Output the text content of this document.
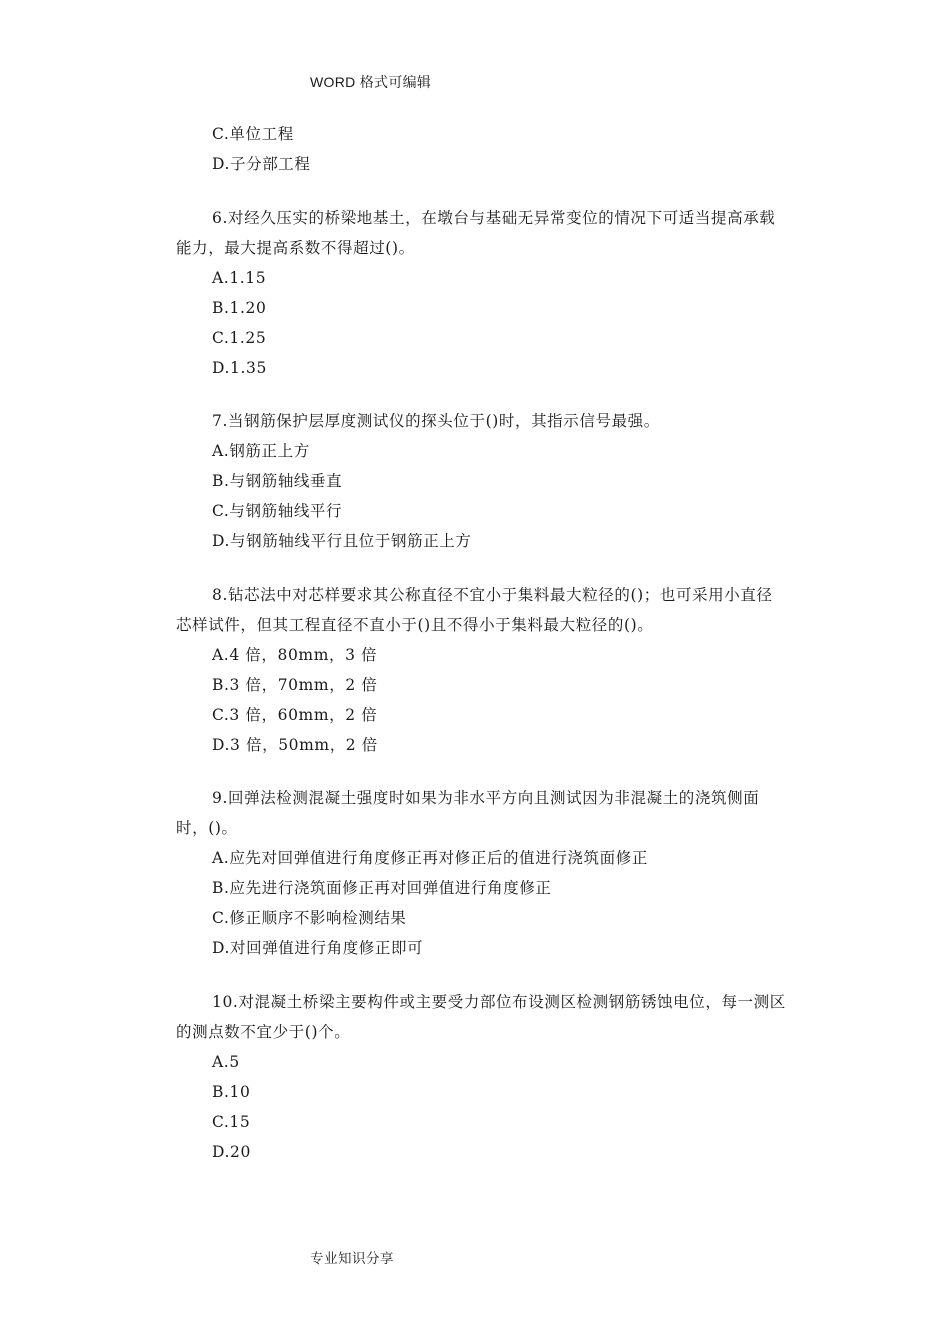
WORD 格式可编辑
C.单位工程
D.子分部工程
6.对经久压实的桥梁地基土，在墩台与基础无异常变位的情况下可适当提高承载
能力，最大提高系数不得超过()。
A.1.15
B.1.20
C.1.25
D.1.35
7.当钢筋保护层厚度测试仪的探头位于()时，其指示信号最强。
A.钢筋正上方
B.与钢筋轴线垂直
C.与钢筋轴线平行
D.与钢筋轴线平行且位于钢筋正上方
8.钻芯法中对芯样要求其公称直径不宜小于集料最大粒径的()；也可采用小直径
芯样试件，但其工程直径不直小于()且不得小于集料最大粒径的()。
A.4 倍，80mm，3 倍
B.3 倍，70mm，2 倍
C.3 倍，60mm，2 倍
D.3 倍，50mm，2 倍
9.回弹法检测混凝土强度时如果为非水平方向且测试因为非混凝土的浇筑侧面
时，()。
A.应先对回弹值进行角度修正再对修正后的值进行浇筑面修正
B.应先进行浇筑面修正再对回弹值进行角度修正
C.修正顺序不影响检测结果
D.对回弹值进行角度修正即可
10.对混凝土桥梁主要构件或主要受力部位布设测区检测钢筋锈蚀电位，每一测区
的测点数不宜少于()个。
A.5
B.10
C.15
D.20
专业知识分享
